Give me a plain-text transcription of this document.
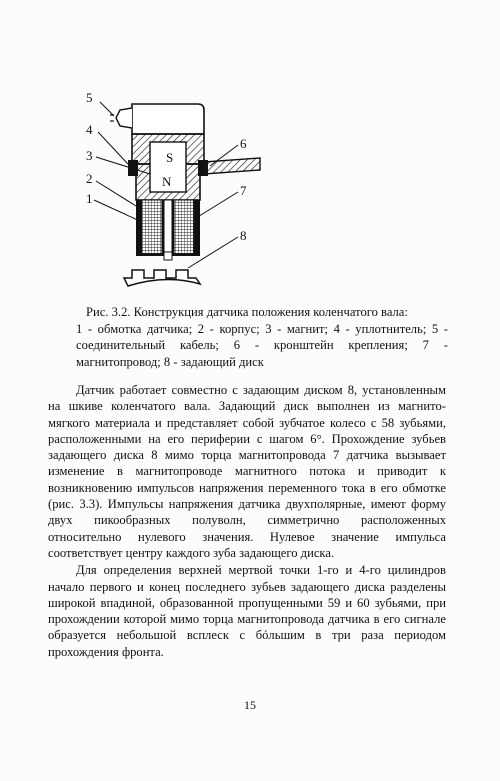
S
N
5
4
3
2
1
6
7
8
Рис. 3.2. Конструкция датчика положения коленчатого вала:
1 - обмотка датчика; 2 - корпус; 3 - магнит; 4 - уплотнитель; 5 - соединительный кабель; 6 - кронштейн крепления; 7 - магнитопровод; 8 - задающий диск

Датчик работает совместно с задающим диском 8, установленным на шкиве коленчатого вала. Задающий диск выполнен из магнито-мягкого материала и представляет собой зубчатое колесо с 58 зубьями, расположенными на его периферии с шагом 6°. Прохождение зубьев задающего диска 8 мимо торца магнитопровода 7 датчика вызывает изменение в магнитопроводе магнитного потока и приводит к возникновению импульсов напряжения переменного тока в его обмотке (рис. 3.3). Импульсы напряжения датчика двухполярные, имеют форму двух пикообразных полуволн, симметрично расположенных относительно нулевого значения. Нулевое значение импульса соответствует центру каждого зуба задающего диска.

Для определения верхней мертвой точки 1-го и 4-го цилиндров начало первого и конец последнего зубьев задающего диска разделены широкой впадиной, образованной пропущенными 59 и 60 зубьями, при прохождении которой мимо торца магнитопровода датчика в его сигнале образуется небольшой всплеск с бóльшим в три раза периодом прохождения фронта.

15
